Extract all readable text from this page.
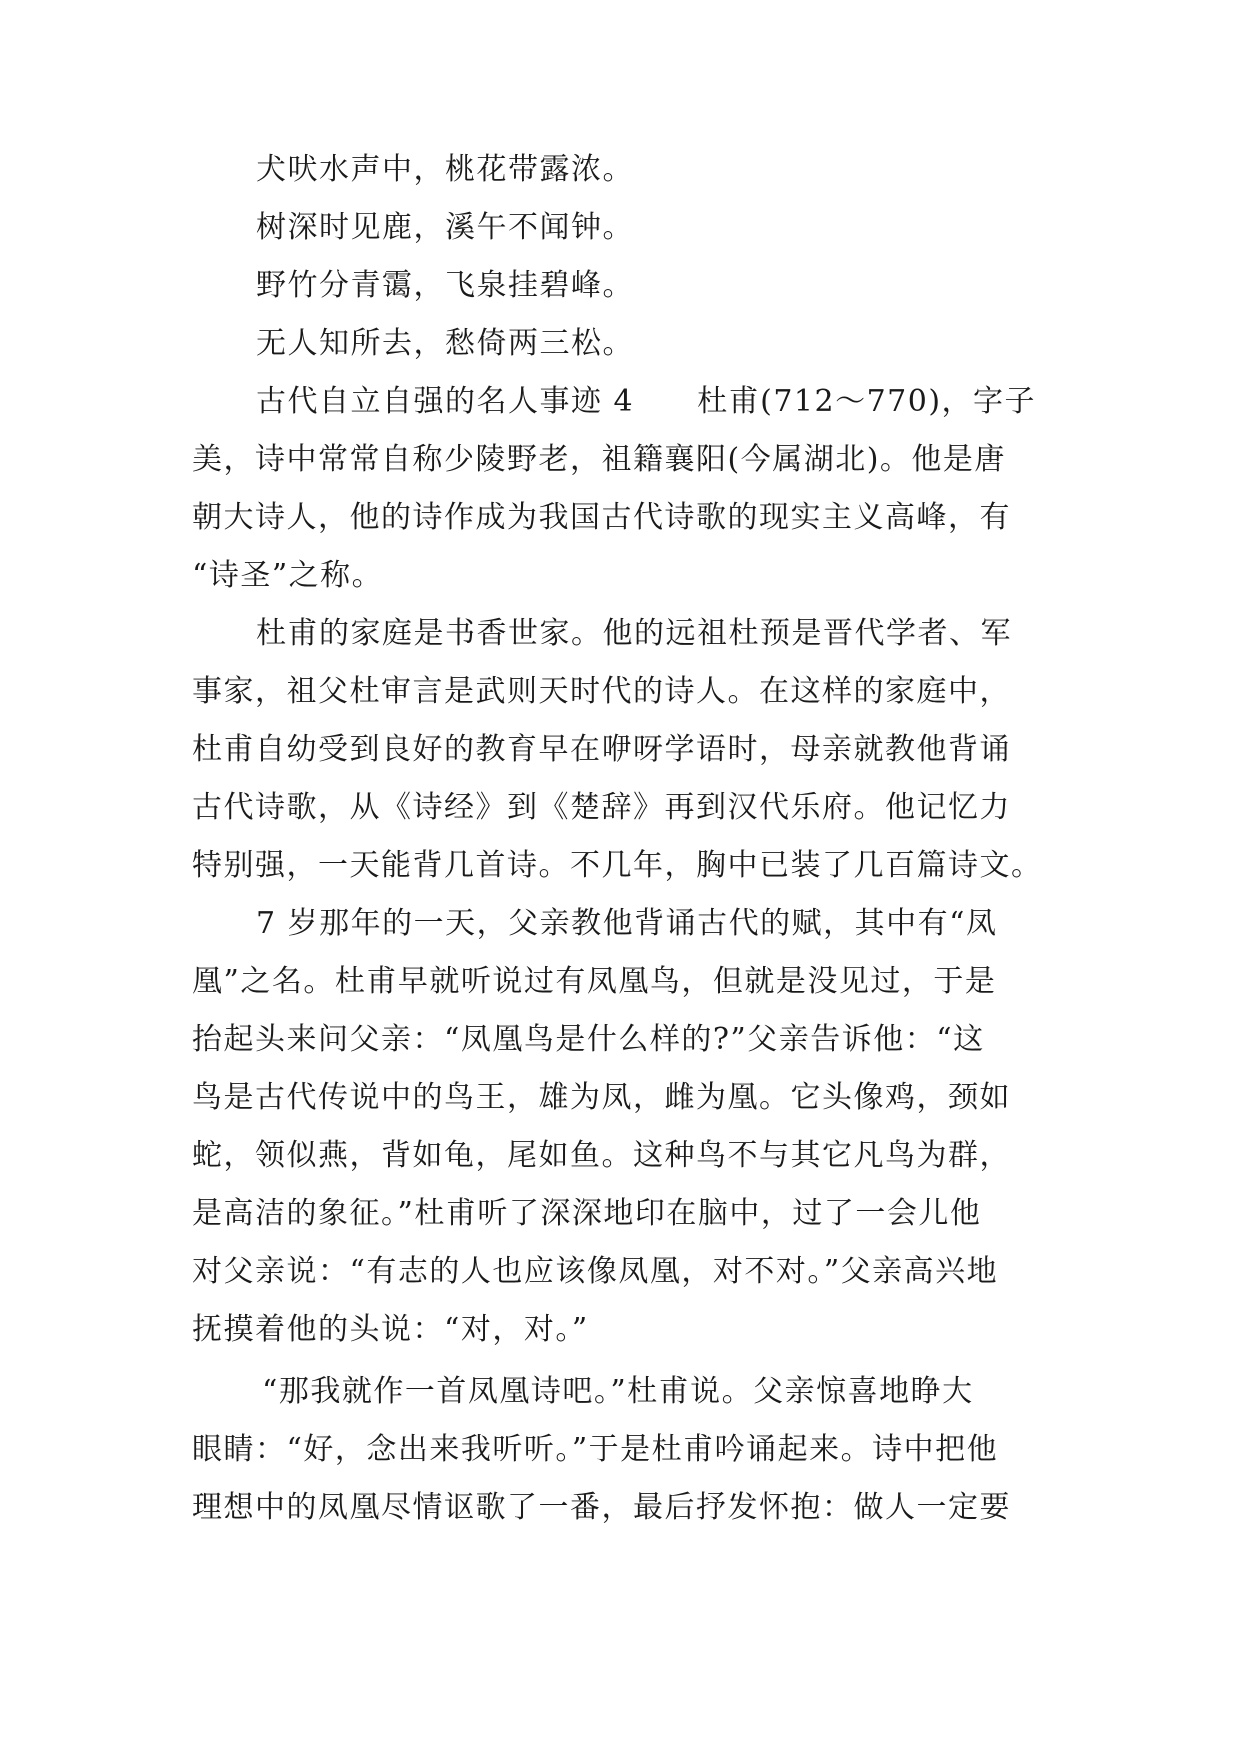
犬吠水声中，桃花带露浓。
树深时见鹿，溪午不闻钟。
野竹分青霭，飞泉挂碧峰。
无人知所去，愁倚两三松。
古代自立自强的名人事迹 4　　杜甫(712～770)，字子
美，诗中常常自称少陵野老，祖籍襄阳(今属湖北)。他是唐
朝大诗人，他的诗作成为我国古代诗歌的现实主义高峰，有
“诗圣”之称。
杜甫的家庭是书香世家。他的远祖杜预是晋代学者、军
事家，祖父杜审言是武则天时代的诗人。在这样的家庭中，
杜甫自幼受到良好的教育早在咿呀学语时，母亲就教他背诵
古代诗歌，从《诗经》到《楚辞》再到汉代乐府。他记忆力
特别强，一天能背几首诗。不几年，胸中已装了几百篇诗文。
7 岁那年的一天，父亲教他背诵古代的赋，其中有“凤
凰”之名。杜甫早就听说过有凤凰鸟，但就是没见过，于是
抬起头来问父亲：“凤凰鸟是什么样的?”父亲告诉他：“这
鸟是古代传说中的鸟王，雄为凤，雌为凰。它头像鸡，颈如
蛇，领似燕，背如龟，尾如鱼。这种鸟不与其它凡鸟为群，
是高洁的象征。”杜甫听了深深地印在脑中，过了一会儿他
对父亲说：“有志的人也应该像凤凰，对不对。”父亲高兴地
抚摸着他的头说：“对，对。”
“那我就作一首凤凰诗吧。”杜甫说。父亲惊喜地睁大
眼睛：“好，念出来我听听。”于是杜甫吟诵起来。诗中把他
理想中的凤凰尽情讴歌了一番，最后抒发怀抱：做人一定要
